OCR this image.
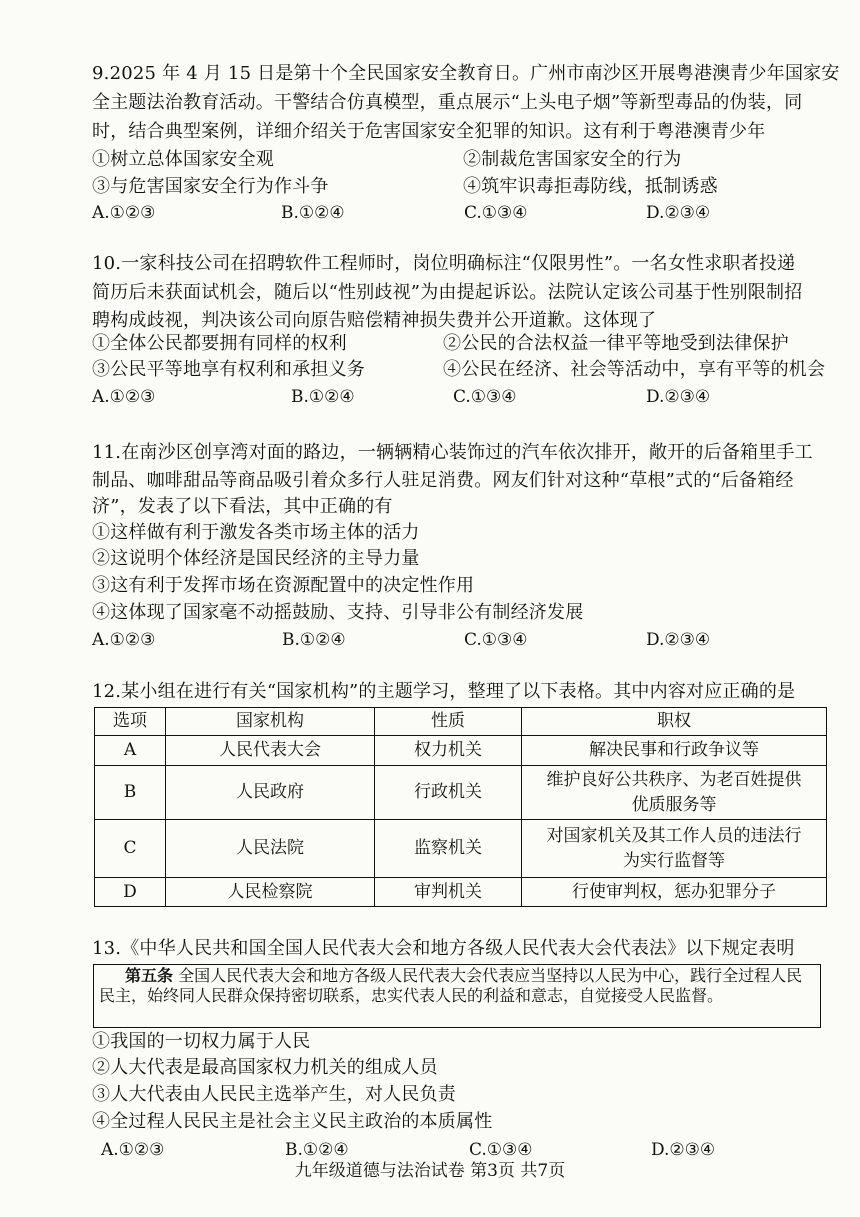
9.2025 年 4 月 15 日是第十个全民国家安全教育日。广州市南沙区开展粤港澳青少年国家安
全主题法治教育活动。干警结合仿真模型，重点展示“上头电子烟”等新型毒品的伪装，同
时，结合典型案例，详细介绍关于危害国家安全犯罪的知识。这有利于粤港澳青少年
①树立总体国家安全观	②制裁危害国家安全的行为
③与危害国家安全行为作斗争	④筑牢识毒拒毒防线，抵制诱惑
A.①②③	B.①②④	C.①③④	D.②③④
10.一家科技公司在招聘软件工程师时，岗位明确标注“仅限男性”。一名女性求职者投递
简历后未获面试机会，随后以“性别歧视”为由提起诉讼。法院认定该公司基于性别限制招
聘构成歧视，判决该公司向原告赔偿精神损失费并公开道歉。这体现了
①全体公民都要拥有同样的权利	②公民的合法权益一律平等地受到法律保护
③公民平等地享有权利和承担义务	④公民在经济、社会等活动中，享有平等的机会
A.①②③	B.①②④	C.①③④	D.②③④
11.在南沙区创享湾对面的路边，一辆辆精心装饰过的汽车依次排开，敞开的后备箱里手工
制品、咖啡甜品等商品吸引着众多行人驻足消费。网友们针对这种“草根”式的“后备箱经
济”，发表了以下看法，其中正确的有
①这样做有利于激发各类市场主体的活力
②这说明个体经济是国民经济的主导力量
③这有利于发挥市场在资源配置中的决定性作用
④这体现了国家毫不动摇鼓励、支持、引导非公有制经济发展
A.①②③	B.①②④	C.①③④	D.②③④
12.某小组在进行有关“国家机构”的主题学习，整理了以下表格。其中内容对应正确的是
选项	国家机构	性质	职权
A	人民代表大会	权力机关	解决民事和行政争议等
B	人民政府	行政机关	维护良好公共秩序、为老百姓提供优质服务等
C	人民法院	监察机关	对国家机关及其工作人员的违法行为实行监督等
D	人民检察院	审判机关	行使审判权，惩办犯罪分子
13.《中华人民共和国全国人民代表大会和地方各级人民代表大会代表法》以下规定表明
第五条 全国人民代表大会和地方各级人民代表大会代表应当坚持以人民为中心，践行全过程人民民主，始终同人民群众保持密切联系，忠实代表人民的利益和意志，自觉接受人民监督。
①我国的一切权力属于人民
②人大代表是最高国家权力机关的组成人员
③人大代表由人民民主选举产生，对人民负责
④全过程人民民主是社会主义民主政治的本质属性
A.①②③	B.①②④	C.①③④	D.②③④
九年级道德与法治试卷 第3页 共7页
